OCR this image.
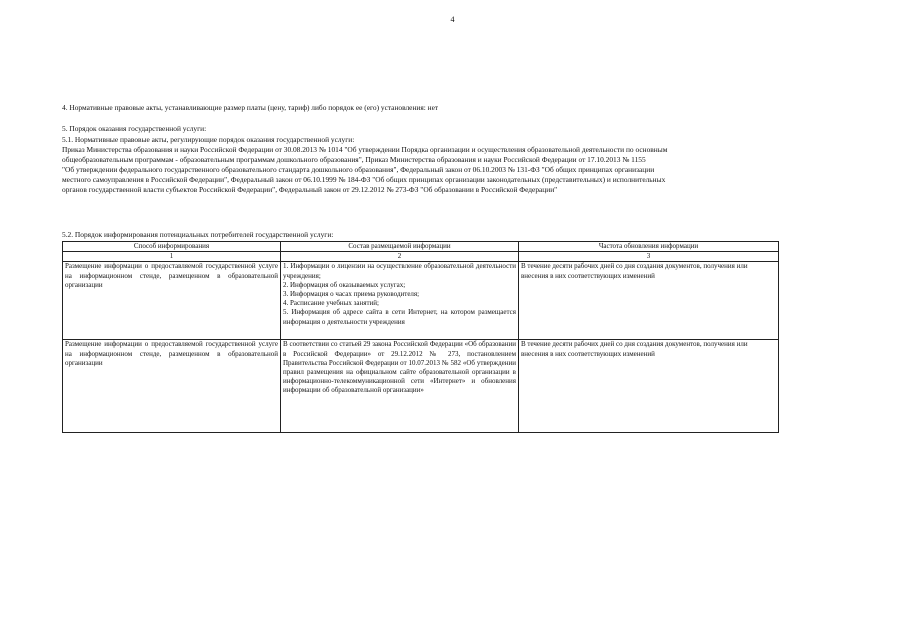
4
4. Нормативные правовые акты, устанавливающие размер платы (цену, тариф) либо порядок ее (его) установления: нет
5. Порядок оказания государственной услуги:
5.1. Нормативные правовые акты, регулирующие порядок оказания государственной услуги:

Приказ Министерства образования и науки Российской Федерации от 30.08.2013 № 1014 "Об утверждении Порядка организации и осуществления образовательной деятельности по основным

общеобразовательным программам - образовательным программам дошкольного образования", Приказ Министерства образования и науки Российской Федерации от 17.10.2013 № 1155

"Об утверждении федерального государственного образовательного стандарта дошкольного образования", Федеральный закон от 06.10.2003 № 131-ФЗ "Об общих принципах организации

местного самоуправления в Российской Федерации", Федеральный закон от 06.10.1999 № 184-ФЗ "Об общих принципах организации законодательных (представительных) и исполнительных

органов государственной власти субъектов Российской Федерации", Федеральный закон от 29.12.2012 № 273-ФЗ "Об образовании в Российской Федерации"

5.2. Порядок информирования потенциальных потребителей государственной услуги:
Способ информирования	Состав размещаемой информации	Частота обновления информации
1	2	3
Размещение информации о предоставляемой государственной услуге на информационном стенде, размещенном в образовательной организации	1. Информации о лицензии на осуществление образовательной деятельности учреждения;
2. Информация об оказываемых услугах;
3. Информация о часах приема руководителя;
4. Расписание учебных занятий;
5. Информация об адресе сайта в сети Интернет, на котором размещается информация о деятельности учреждения	В течение десяти рабочих дней со дня создания документов, получения или внесения в них соответствующих изменений
Размещение информации о предоставляемой государственной услуге на информационном стенде, размещенном в образовательной организации	В соответствии со статьей 29 закона Российской Федерации «Об образовании в Российской Федерации» от 29.12.2012 № 273, постановлением Правительства Российской Федерации от 10.07.2013 № 582 «Об утверждении правил размещения на официальном сайте образовательной организации в информационно-телекоммуникационной сети «Интернет» и обновления информации об образовательной организации»	В течение десяти рабочих дней со дня создания документов, получения или внесения в них соответствующих изменений
